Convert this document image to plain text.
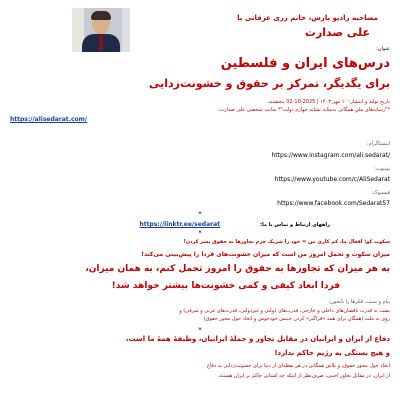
مصاحبه رادیو پارس، خانم زری عرفانی با
علی صدارت
عنوان:
درس‌های ایران و فلسطین
برای یگدیگر، تمرکز بر حقوق و خشونت‌زدایی
تاریخ تولید و انتشار: ۱۰ مهر ۱۴۰۳ | 2025-10-02 پنجشنبه
*"رسانه‌های ملیِ همگانی به‌مثابه نشانه جهارم دولت"* سایت شخصی علی صدارت:
https://alisedarat.com/
اینستاگرام:
https://www.instagram.com/ali.sedarat/
یوتیوب:
https://www.youtube.com/c/AliSedarat
فیسبوک:
https://www.facebook.com/Sedarat57
*
راههای ارتباط و تماس با ما:
https://linktr.ee/sedarat
*
سکوت کو: افعال ما، کم کاری من = خود را شریک جرم تجاوزها به حقوق بشر کردن!
میزان سکوت و تحمل امروز من است که میزان خشونت‌های فردا را پیش‌بینی می‌کند!
به هر میزان که تجاوزها به حقوق را امروز تحمل کنم، به همان میزان،
فردا ابعاد کیفی و کمی خشونت‌ها بیشتر خواهد شد!
پیام و سبب، فکرها را بانجون:
پشت به قدرت ناقضان‌های داخلی و خارجی، قدرت‌های دولتی و غیردولتی، قدرت‌های غربی و شرقی) و
روی به ملت (همگان برای همه «فراگیر» کردن جنبش خودجوش و اتحاد حول محور حقوق)
*
دفاع از ایران و ایرانیان در مقابل تجاوز و حملهٔ ایرانیان، وظیفهٔ همهٔ ما است،
و هیچ بستگی به رژیم حاکم ندارد!
اتحاد حول محور حقوق، و تلاش همگانی در هر نقطه‌ای از دنیا برای خشونت‌زدایی به دفاع
از ایران، در مقابل تجاوز اجنبی، صرف‌نظر از اینکه چه کسانی حاکم بر ایران هستند.
